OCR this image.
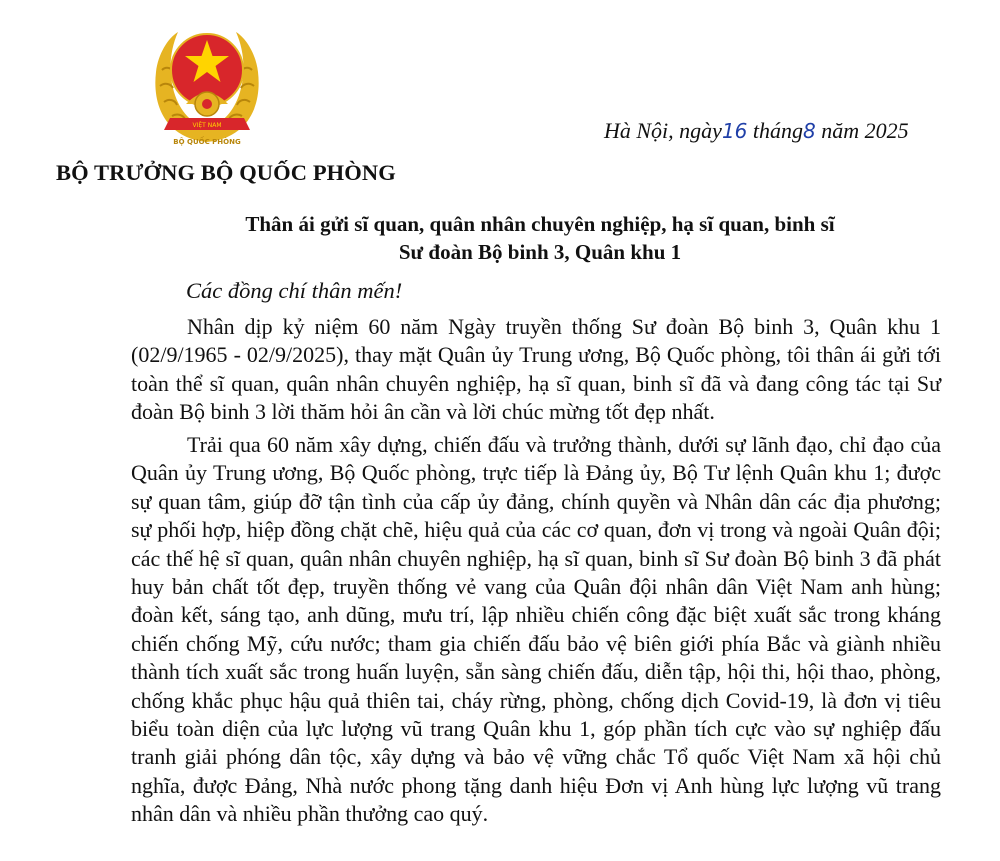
VIỆT NAM
BỘ QUỐC PHÒNG
BỘ TRƯỞNG BỘ QUỐC PHÒNG
Hà Nội, ngày16 tháng8 năm 2025
Thân ái gửi sĩ quan, quân nhân chuyên nghiệp, hạ sĩ quan, binh sĩ
Sư đoàn Bộ binh 3, Quân khu 1
Các đồng chí thân mến!

Nhân dịp kỷ niệm 60 năm Ngày truyền thống Sư đoàn Bộ binh 3, Quân khu 1 (02/9/1965 - 02/9/2025), thay mặt Quân ủy Trung ương, Bộ Quốc phòng, tôi thân ái gửi tới toàn thể sĩ quan, quân nhân chuyên nghiệp, hạ sĩ quan, binh sĩ đã và đang công tác tại Sư đoàn Bộ binh 3 lời thăm hỏi ân cần và lời chúc mừng tốt đẹp nhất.

Trải qua 60 năm xây dựng, chiến đấu và trưởng thành, dưới sự lãnh đạo, chỉ đạo của Quân ủy Trung ương, Bộ Quốc phòng, trực tiếp là Đảng ủy, Bộ Tư lệnh Quân khu 1; được sự quan tâm, giúp đỡ tận tình của cấp ủy đảng, chính quyền và Nhân dân các địa phương; sự phối hợp, hiệp đồng chặt chẽ, hiệu quả của các cơ quan, đơn vị trong và ngoài Quân đội; các thế hệ sĩ quan, quân nhân chuyên nghiệp, hạ sĩ quan, binh sĩ Sư đoàn Bộ binh 3 đã phát huy bản chất tốt đẹp, truyền thống vẻ vang của Quân đội nhân dân Việt Nam anh hùng; đoàn kết, sáng tạo, anh dũng, mưu trí, lập nhiều chiến công đặc biệt xuất sắc trong kháng chiến chống Mỹ, cứu nước; tham gia chiến đấu bảo vệ biên giới phía Bắc và giành nhiều thành tích xuất sắc trong huấn luyện, sẵn sàng chiến đấu, diễn tập, hội thi, hội thao, phòng, chống khắc phục hậu quả thiên tai, cháy rừng, phòng, chống dịch Covid-19, là đơn vị tiêu biểu toàn diện của lực lượng vũ trang Quân khu 1, góp phần tích cực vào sự nghiệp đấu tranh giải phóng dân tộc, xây dựng và bảo vệ vững chắc Tổ quốc Việt Nam xã hội chủ nghĩa, được Đảng, Nhà nước phong tặng danh hiệu Đơn vị Anh hùng lực lượng vũ trang nhân dân và nhiều phần thưởng cao quý.
